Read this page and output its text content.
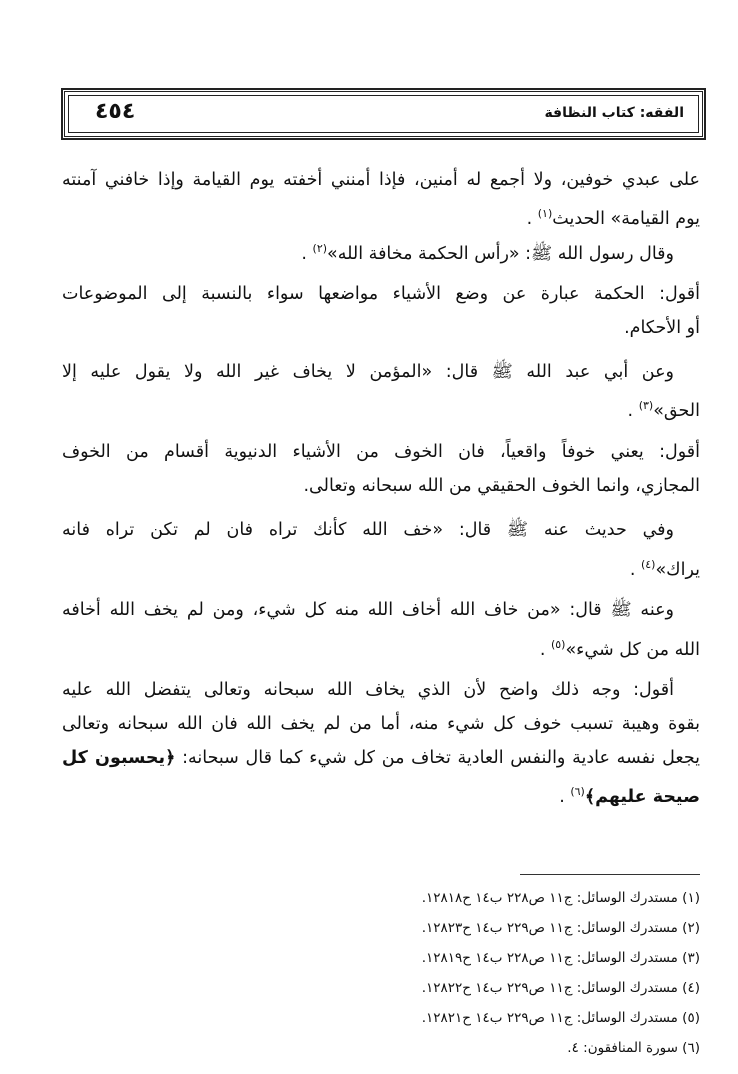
الفقه: كتاب النظافة
٤٥٤
على عبدي خوفين، ولا أجمع له أمنين، فإذا أمنني أخفته يوم القيامة وإذا خافني آمنته
يوم القيامة» الحديث$^{(١)}$ .
وقال رسول الله ﷺ: «رأس الحكمة مخافة الله»$^{(٢)}$ .
أقول: الحكمة عبارة عن وضع الأشياء مواضعها سواء بالنسبة إلى الموضوعات
أو الأحكام.
وعن أبي عبد الله ﷺ قال: «المؤمن لا يخاف غير الله ولا يقول عليه إلا
الحق»$^{(٣)}$ .
أقول: يعني خوفاً واقعياً، فان الخوف من الأشياء الدنيوية أقسام من الخوف
المجازي، وانما الخوف الحقيقي من الله سبحانه وتعالى.
وفي حديث عنه ﷺ قال: «خف الله كأنك تراه فان لم تكن تراه فانه
يراك»$^{(٤)}$ .
وعنه ﷺ قال: «من خاف الله أخاف الله منه كل شيء، ومن لم يخف الله أخافه
الله من كل شيء»$^{(٥)}$ .
أقول: وجه ذلك واضح لأن الذي يخاف الله سبحانه وتعالى يتفضل الله عليه
بقوة وهيبة تسبب خوف كل شيء منه، أما من لم يخف الله فان الله سبحانه وتعالى
يجعل نفسه عادية والنفس العادية تخاف من كل شيء كما قال سبحانه: ﴿يحسبون كل
صيحة عليهم﴾$^{(٦)}$ .
(١) مستدرك الوسائل: ج١١ ص٢٢٨ ب١٤ ح١٢٨١٨.
(٢) مستدرك الوسائل: ج١١ ص٢٢٩ ب١٤ ح١٢٨٢٣.
(٣) مستدرك الوسائل: ج١١ ص٢٢٨ ب١٤ ح١٢٨١٩.
(٤) مستدرك الوسائل: ج١١ ص٢٢٩ ب١٤ ح١٢٨٢٢.
(٥) مستدرك الوسائل: ج١١ ص٢٢٩ ب١٤ ح١٢٨٢١.
(٦) سورة المنافقون: ٤.
